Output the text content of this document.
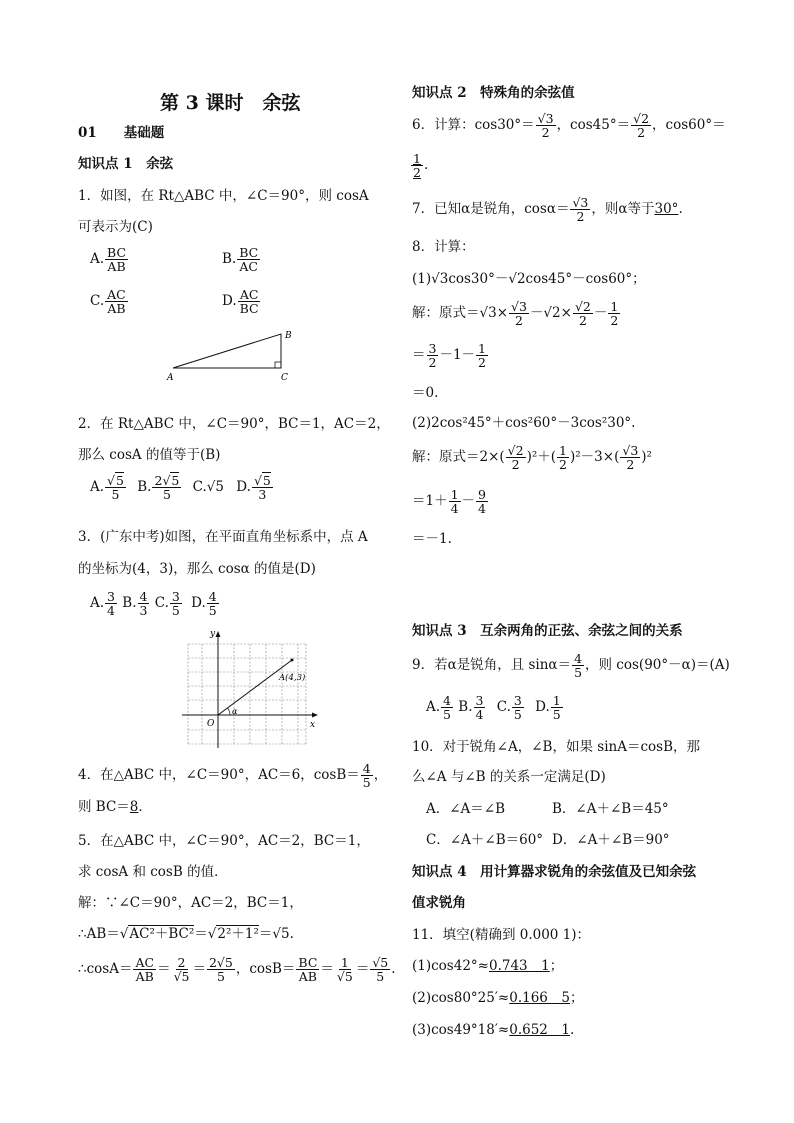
第 3 课时　余弦
01　　基础题
知识点 1　余弦
1．如图，在 Rt△ABC 中，∠C＝90°，则 cosA
可表示为(C)
A. $\frac{BC}{AB}$	B. $\frac{BC}{AC}$
C. $\frac{AC}{AB}$	D. $\frac{AC}{BC}$
A
B
C
2．在 Rt△ABC 中，∠C＝90°，BC＝1，AC＝2，
那么 cosA 的值等于(B)
A. $\frac{√5}{5} B$. $\frac{2√5}{5} C.√5$ D. $\frac{√5}{3}$
3．(广东中考)如图，在平面直角坐标系中，点 A
的坐标为(4，3)，那么 cosα 的值是(D)
A. $\frac{3}{4} B$. $\frac{4}{3} C$. $\frac{3}{5} D$. $\frac{4}{5}$
y
x
O
α
A(4,3)
4．在△ABC 中，∠C＝90°，AC＝6，$\cos B= \frac{4}{5}$ ，
则 BC＝8．
5．在△ABC 中，∠C＝90°，AC＝2，BC＝1，
求 cosA 和 cosB 的值．
解：∵∠C＝90°，AC＝2，BC＝1，
∴AB＝√AC²＋BC²＝√2²＋1²＝√5.
∴cosA＝ $\frac{AC}{AB} = \frac{2}{√5} = \frac{2√5}{5}$ ，$\cos B= \frac{BC}{AB} = \frac{1}{√5} = \frac{√5}{5}$ .
知识点 2　特殊角的余弦值
6．计算：$\cos 30^\circ= \frac{√3}{2}$ ，$\cos 45^\circ= \frac{√2}{2}$ ，cos60°＝
$\frac{1}{2}$ .
7．已知α是锐角，$\cos\alpha= \frac{√3}{2}$ ，则α等于30°.
8．计算：
(1)√3cos30°－√2cos45°－cos60°；
解：原式$=√3\times \frac{√3}{2} -√2\times \frac{√2}{2} - \frac{1}{2}$
＝ $\frac{3}{2} -1- \frac{1}{2}$
＝0.
(2)2cos²45°＋cos²60°－3cos²30°.
解：原式$=2\times( \frac{√2}{2} )^2+( \frac{1}{2} )^2-3\times( \frac{√3}{2} )^2$
$=1+ \frac{1}{4} - \frac{9}{4}$
＝－1.
知识点 3　互余两角的正弦、余弦之间的关系
9．若α是锐角，且 $\sin\alpha= \frac{4}{5}$ ，则 cos(90°－α)＝(A)
A. $\frac{4}{5} B$. $\frac{3}{4} C$. $\frac{3}{5} D$. $\frac{1}{5}$
10．对于锐角∠A，∠B，如果 sinA＝cosB，那
么∠A 与∠B 的关系一定满足(D)
A．∠A＝∠B	B．∠A＋∠B＝45°
C．∠A＋∠B＝60° D．∠A＋∠B＝90°
知识点 4　用计算器求锐角的余弦值及已知余弦
值求锐角
11．填空(精确到 0.000 1)：
(1)cos42°≈0.743　1；
(2)cos80°25′≈0.166　5；
(3)cos49°18′≈0.652　1.
